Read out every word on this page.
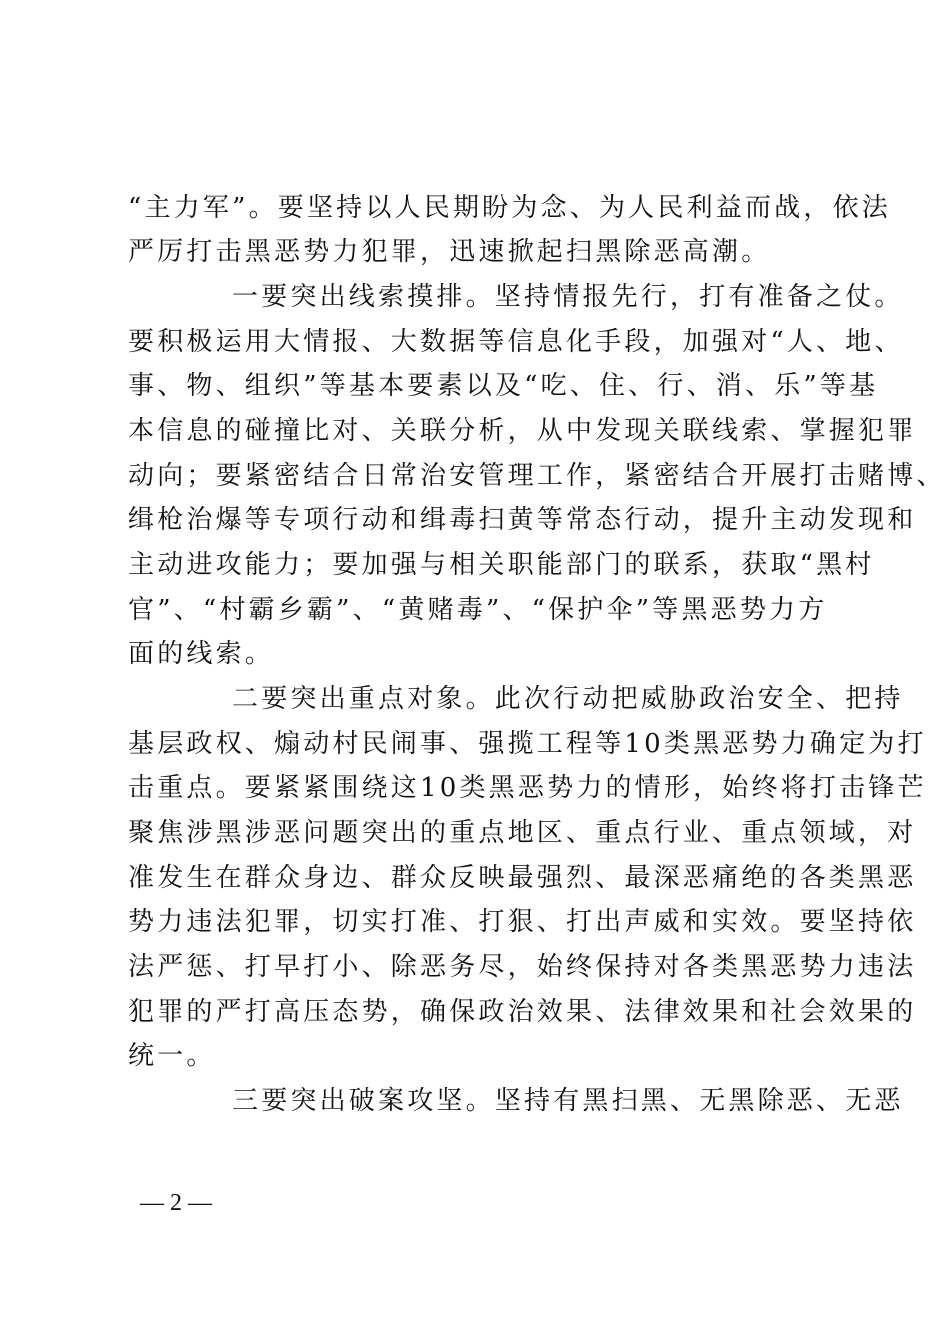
“主力军”。要坚持以人民期盼为念、为人民利益而战，依法
严厉打击黑恶势力犯罪，迅速掀起扫黑除恶高潮。
一要突出线索摸排。坚持情报先行，打有准备之仗。
要积极运用大情报、大数据等信息化手段，加强对“人、地、
事、物、组织”等基本要素以及“吃、住、行、消、乐”等基
本信息的碰撞比对、关联分析，从中发现关联线索、掌握犯罪
动向；要紧密结合日常治安管理工作，紧密结合开展打击赌博、
缉枪治爆等专项行动和缉毒扫黄等常态行动，提升主动发现和
主动进攻能力；要加强与相关职能部门的联系，获取“黑村
官”、“村霸乡霸”、“黄赌毒”、“保护伞”等黑恶势力方
面的线索。
二要突出重点对象。此次行动把威胁政治安全、把持
基层政权、煽动村民闹事、强揽工程等10类黑恶势力确定为打
击重点。要紧紧围绕这10类黑恶势力的情形，始终将打击锋芒
聚焦涉黑涉恶问题突出的重点地区、重点行业、重点领域，对
准发生在群众身边、群众反映最强烈、最深恶痛绝的各类黑恶
势力违法犯罪，切实打准、打狠、打出声威和实效。要坚持依
法严惩、打早打小、除恶务尽，始终保持对各类黑恶势力违法
犯罪的严打高压态势，确保政治效果、法律效果和社会效果的
统一。
三要突出破案攻坚。坚持有黑扫黑、无黑除恶、无恶
— 2 —
